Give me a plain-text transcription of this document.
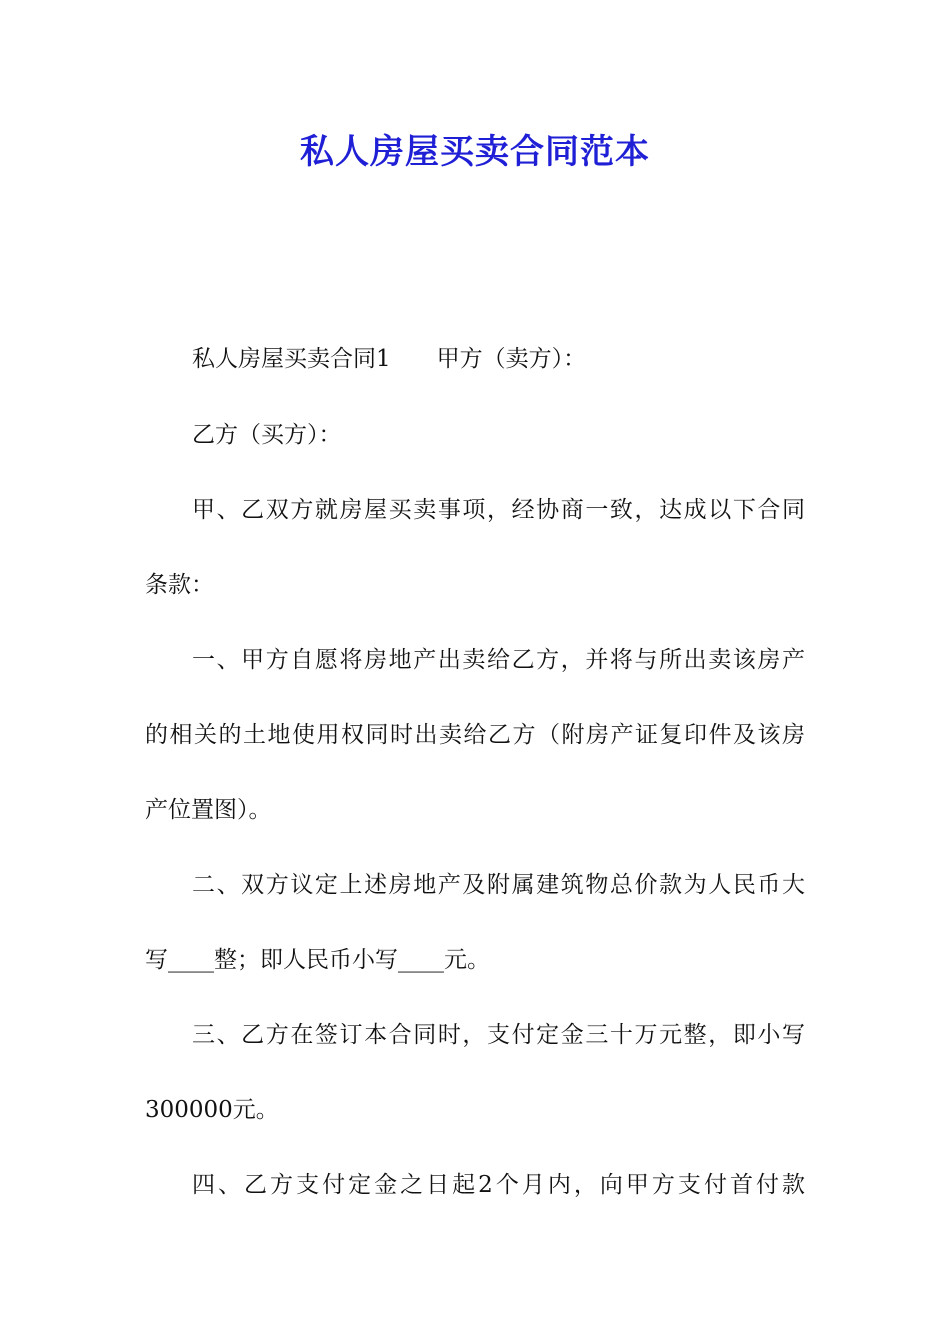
私人房屋买卖合同范本

私人房屋买卖合同1 甲方（卖方）：

乙方（买方）：

甲、乙双方就房屋买卖事项，经协商一致，达成以下合同

条款：

一、甲方自愿将房地产出卖给乙方，并将与所出卖该房产

的相关的土地使用权同时出卖给乙方（附房产证复印件及该房

产位置图）。

二、双方议定上述房地产及附属建筑物总价款为人民币大

写____整；即人民币小写____元。

三、乙方在签订本合同时，支付定金三十万元整，即小写

300000元。

四、乙方支付定金之日起2个月内，向甲方支付首付款
